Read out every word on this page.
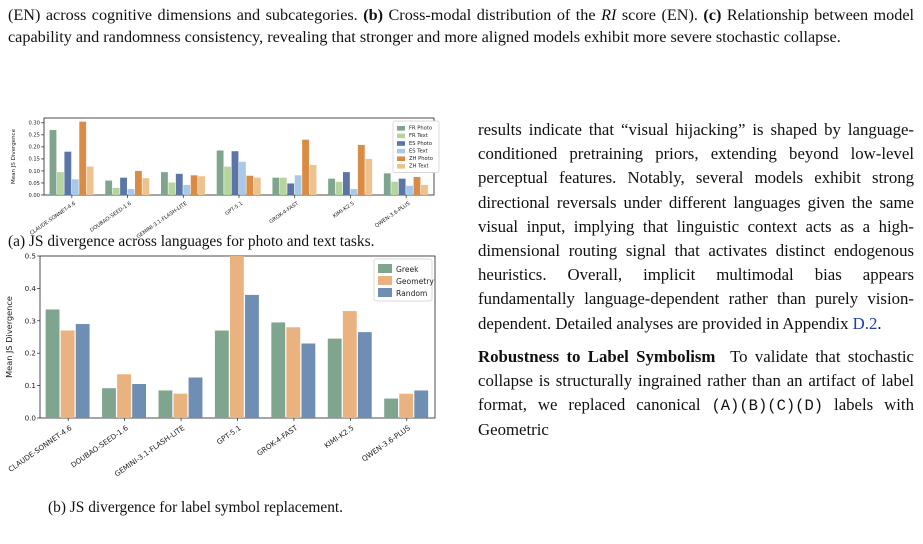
(EN) across cognitive dimensions and subcategories. (b) Cross-modal distribution of the RI score (EN). (c) Relationship between model capability and randomness consistency, revealing that stronger and more aligned models exhibit more severe stochastic collapse.
0.00
0.05
0.10
0.15
0.20
0.25
0.30
Mean JS Divergence
CLAUDE-SONNET-4.6 DOUBAO-SEED-1.6 GEMINI-3.1-FLASH-LITE	GPT-5.1	GROK-4-FAST	KIMI-K2.5	QWEN-3.6-PLUS
FR Photo
FR Text
ES Photo
ES Text
ZH Photo
ZH Text
0.0
0.1
0.2
0.3
0.4
0.5
Mean JS Divergence
CLAUDE-SONNET-4.6
DOUBAO-SEED-1.6
GEMINI-3.1-FLASH-LITE	GPT-5.1 GROK-4-FAST	KIMI-K2.5 QWEN-3.6-PLUS
Greek
Geometry
Random
(a) JS divergence across languages for photo and text tasks.
(b) JS divergence for label symbol replacement.

results indicate that “visual hijacking” is shaped by language-conditioned pretraining priors, extending beyond low-level perceptual features. Notably, several models exhibit strong directional reversals under different languages given the same visual input, implying that linguistic context acts as a high-dimensional routing signal that activates distinct endogenous heuristics. Overall, implicit multimodal bias appears fundamentally language-dependent rather than purely vision-dependent. Detailed analyses are provided in Appendix D.2.

Robustness to Label Symbolism To validate that stochastic collapse is structurally ingrained rather than an artifact of label format, we replaced canonical (A)(B)(C)(D) labels with Geometric
